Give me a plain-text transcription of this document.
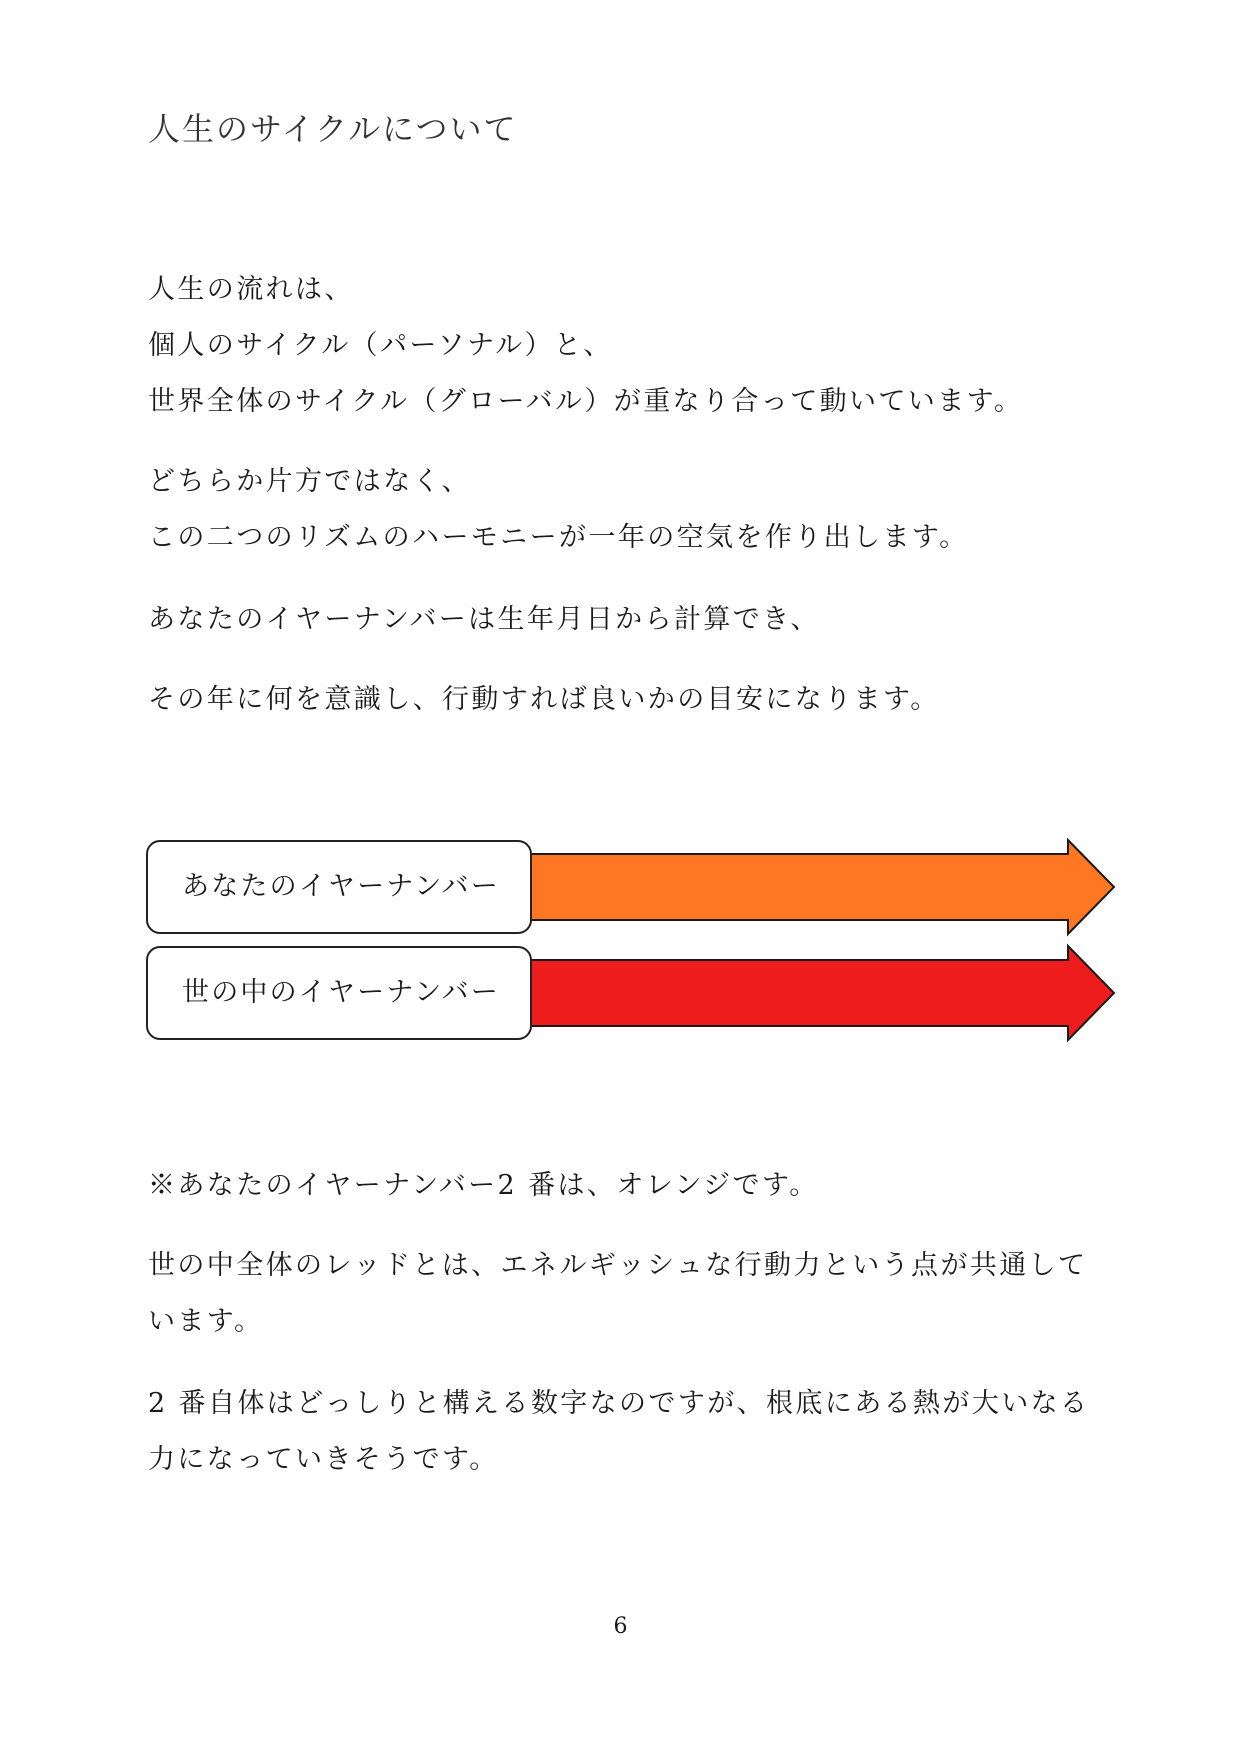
人生のサイクルについて
人生の流れは、
個人のサイクル（パーソナル）と、
世界全体のサイクル（グローバル）が重なり合って動いています。
どちらか片方ではなく、
この二つのリズムのハーモニーが一年の空気を作り出します。
あなたのイヤーナンバーは生年月日から計算でき、
その年に何を意識し、行動すれば良いかの目安になります。
あなたのイヤーナンバー
世の中のイヤーナンバー
※あなたのイヤーナンバー2 番は、オレンジです。
世の中全体のレッドとは、エネルギッシュな行動力という点が共通して
います。
2 番自体はどっしりと構える数字なのですが、根底にある熱が大いなる
力になっていきそうです。
6
